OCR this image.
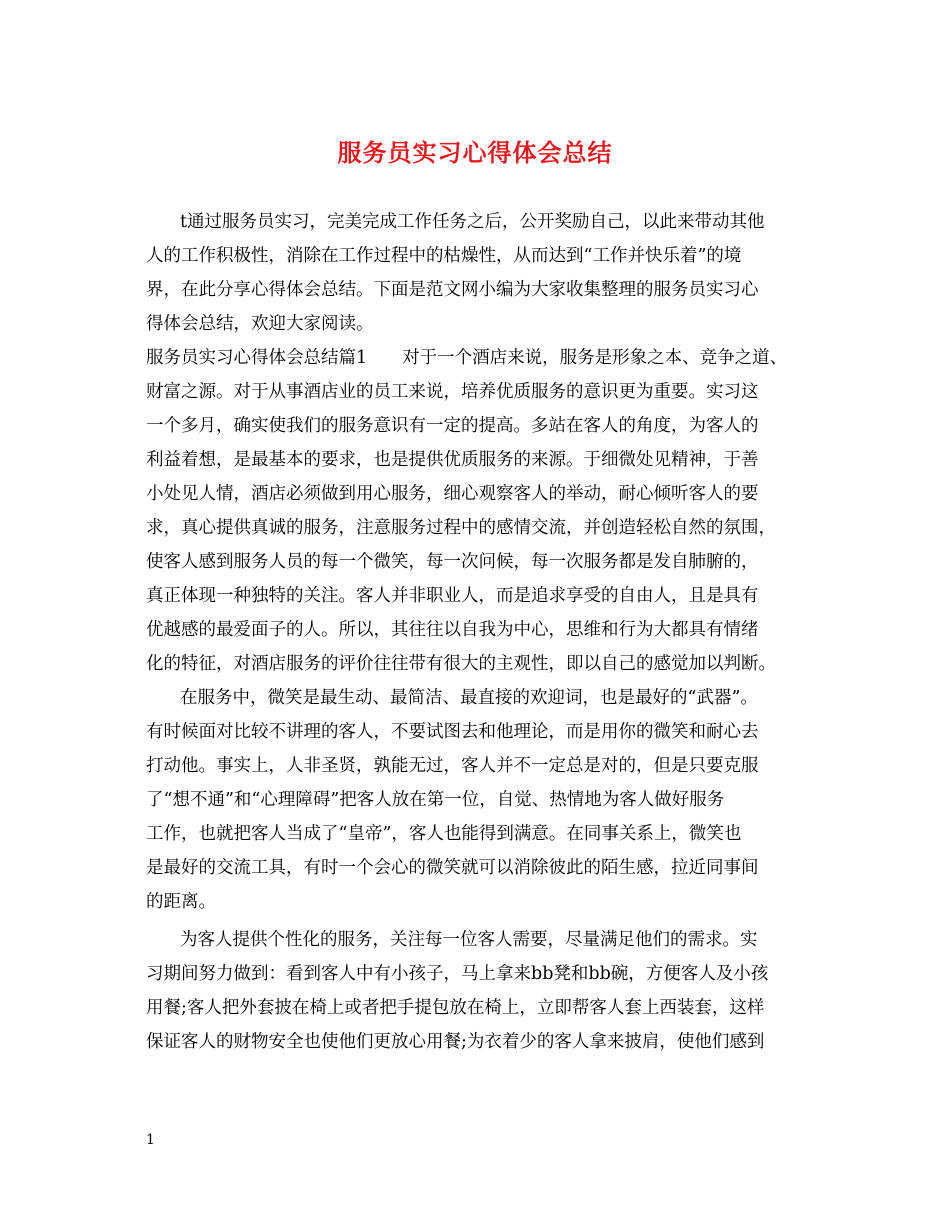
服务员实习心得体会总结
t通过服务员实习，完美完成工作任务之后，公开奖励自己，以此来带动其他
人的工作积极性，消除在工作过程中的枯燥性，从而达到“工作并快乐着”的境
界，在此分享心得体会总结。下面是范文网小编为大家收集整理的服务员实习心
得体会总结，欢迎大家阅读。
服务员实习心得体会总结篇1　　对于一个酒店来说，服务是形象之本、竞争之道、
财富之源。对于从事酒店业的员工来说，培养优质服务的意识更为重要。实习这
一个多月，确实使我们的服务意识有一定的提高。多站在客人的角度，为客人的
利益着想，是最基本的要求，也是提供优质服务的来源。于细微处见精神，于善
小处见人情，酒店必须做到用心服务，细心观察客人的举动，耐心倾听客人的要
求，真心提供真诚的服务，注意服务过程中的感情交流，并创造轻松自然的氛围，
使客人感到服务人员的每一个微笑，每一次问候，每一次服务都是发自肺腑的，
真正体现一种独特的关注。客人并非职业人，而是追求享受的自由人，且是具有
优越感的最爱面子的人。所以，其往往以自我为中心，思维和行为大都具有情绪
化的特征，对酒店服务的评价往往带有很大的主观性，即以自己的感觉加以判断。
在服务中，微笑是最生动、最简洁、最直接的欢迎词，也是最好的“武器”。
有时候面对比较不讲理的客人，不要试图去和他理论，而是用你的微笑和耐心去
打动他。事实上，人非圣贤，孰能无过，客人并不一定总是对的，但是只要克服
了“想不通”和“心理障碍”把客人放在第一位，自觉、热情地为客人做好服务
工作，也就把客人当成了“皇帝”，客人也能得到满意。在同事关系上，微笑也
是最好的交流工具，有时一个会心的微笑就可以消除彼此的陌生感，拉近同事间
的距离。
为客人提供个性化的服务，关注每一位客人需要，尽量满足他们的需求。实
习期间努力做到：看到客人中有小孩子，马上拿来bb凳和bb碗，方便客人及小孩
用餐;客人把外套披在椅上或者把手提包放在椅上，立即帮客人套上西装套，这样
保证客人的财物安全也使他们更放心用餐;为衣着少的客人拿来披肩，使他们感到
1
